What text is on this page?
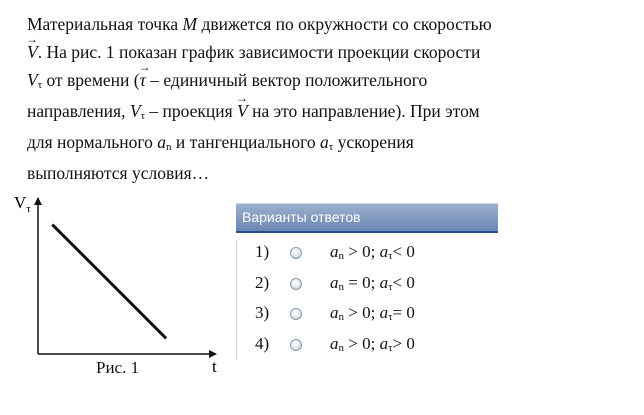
Материальная точка M движется по окружности со скоростью
→ V. На рис. 1 показан график зависимости проекции скорости
$V_\tau$ от времени (→ τ – единичный вектор положительного
направления, $V_\tau$ – проекция → V на это направление). При этом
для нормального $a_n$ и тангенциального $a_\tau$ ускорения
выполняются условия…
$V_\tau$
t
Рис. 1
Варианты ответов
1)	$a_n > 0$; $a_\tau< 0$
2)	$a_n = 0$; $a_\tau< 0$
3)	$a_n > 0$; $a_\tau= 0$
4)	$a_n > 0$; $a_\tau> 0$
